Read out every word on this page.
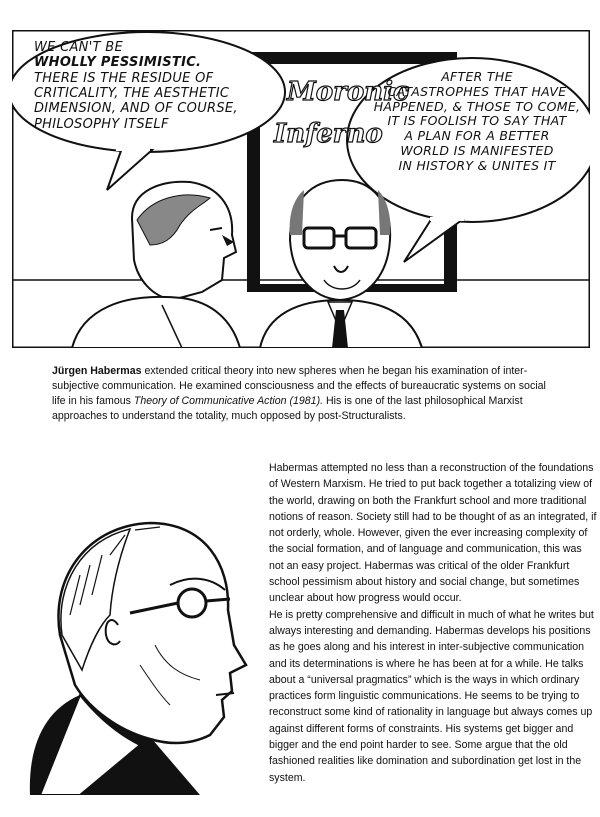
Moronic
Inferno
WE CAN'T BE
WHOLLY PESSIMISTIC.
THERE IS THE RESIDUE OF
CRITICALITY, THE AESTHETIC
DIMENSION, AND OF COURSE,
PHILOSOPHY ITSELF
AFTER THE
CATASTROPHES THAT HAVE
HAPPENED, & THOSE TO COME,
IT IS FOOLISH TO SAY THAT
A PLAN FOR A BETTER
WORLD IS MANIFESTED
IN HISTORY & UNITES IT
Jürgen Habermas extended critical theory into new spheres when he began his examination of inter-subjective communication. He examined consciousness and the effects of bureaucratic systems on social life in his famous Theory of Communicative Action (1981). His is one of the last philosophical Marxist approaches to understand the totality, much opposed by post-Structuralists.

Habermas attempted no less than a reconstruction of the foundations of Western Marxism. He tried to put back together a totalizing view of the world, drawing on both the Frankfurt school and more traditional notions of reason. Society still had to be thought of as an integrated, if not orderly, whole. However, given the ever increasing complexity of the social formation, and of language and communication, this was not an easy project. Habermas was critical of the older Frankfurt school pessimism about history and social change, but sometimes unclear about how progress would occur.

He is pretty comprehensive and difficult in much of what he writes but always interesting and demanding. Habermas develops his positions as he goes along and his interest in inter-subjective communication and its determinations is where he has been at for a while. He talks about a “universal pragmatics” which is the ways in which ordinary practices form linguistic communications. He seems to be trying to reconstruct some kind of rationality in language but always comes up against different forms of constraints. His systems get bigger and bigger and the end point harder to see. Some argue that the old fashioned realities like domination and subordination get lost in the system.
